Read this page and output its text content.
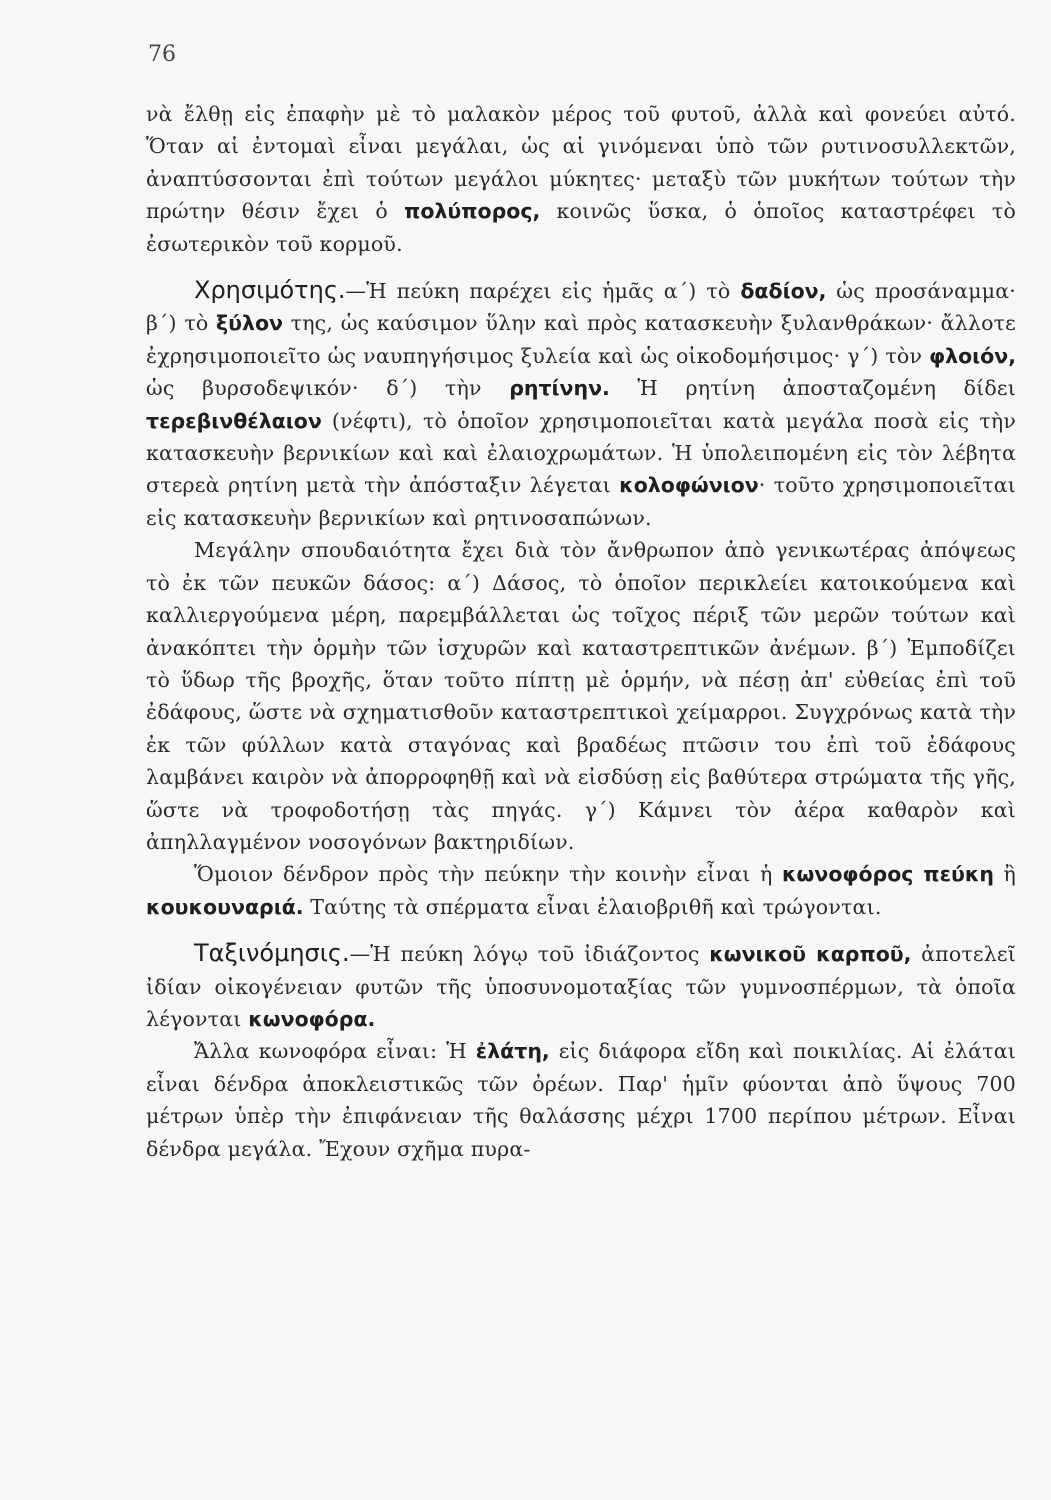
76

νὰ ἔλθῃ εἰς ἐπαφὴν μὲ τὸ μαλακὸν μέρος τοῦ φυτοῦ, ἀλλὰ καὶ φονεύει αὐτό. Ὅταν αἱ ἐντομαὶ εἶναι μεγάλαι, ὡς αἱ γινόμεναι ὑπὸ τῶν ρυτινοσυλλεκτῶν, ἀναπτύσσονται ἐπὶ τούτων μεγάλοι μύκητες· μεταξὺ τῶν μυκήτων τούτων τὴν πρώτην θέσιν ἔχει ὁ πολύπορος, κοινῶς ὕσκα, ὁ ὁποῖος καταστρέφει τὸ ἐσωτερικὸν τοῦ κορμοῦ.

Χρησιμότης.—Ἡ πεύκη παρέχει εἰς ἡμᾶς α΄) τὸ δαδίον, ὡς προσάναμμα· β΄) τὸ ξύλον της, ὡς καύσιμον ὕλην καὶ πρὸς κατασκευὴν ξυλανθράκων· ἄλλοτε ἐχρησιμοποιεῖτο ὡς ναυπηγήσιμος ξυλεία καὶ ὡς οἰκοδομήσιμος· γ΄) τὸν φλοιόν, ὡς βυρσοδεψικόν· δ΄) τὴν ρητίνην. Ἡ ρητίνη ἀποσταζομένη δίδει τερεβινθέλαιον (νέφτι), τὸ ὁποῖον χρησιμοποιεῖται κατὰ μεγάλα ποσὰ εἰς τὴν κατασκευὴν βερνικίων καὶ καὶ ἐλαιοχρωμάτων. Ἡ ὑπολειπομένη εἰς τὸν λέβητα στερεὰ ρητίνη μετὰ τὴν ἀπόσταξιν λέγεται κολοφώνιον· τοῦτο χρησιμοποιεῖται εἰς κατασκευὴν βερνικίων καὶ ρητινοσαπώνων.

Μεγάλην σπουδαιότητα ἔχει διὰ τὸν ἄνθρωπον ἀπὸ γενικωτέρας ἀπόψεως τὸ ἐκ τῶν πευκῶν δάσος: α΄) Δάσος, τὸ ὁποῖον περικλείει κατοικούμενα καὶ καλλιεργούμενα μέρη, παρεμβάλλεται ὡς τοῖχος πέριξ τῶν μερῶν τούτων καὶ ἀνακόπτει τὴν ὁρμὴν τῶν ἰσχυρῶν καὶ καταστρεπτικῶν ἀνέμων. β΄) Ἐμποδίζει τὸ ὕδωρ τῆς βροχῆς, ὅταν τοῦτο πίπτῃ μὲ ὁρμήν, νὰ πέσῃ ἀπ' εὐθείας ἐπὶ τοῦ ἐδάφους, ὥστε νὰ σχηματισθοῦν καταστρεπτικοὶ χείμαρροι. Συγχρόνως κατὰ τὴν ἐκ τῶν φύλλων κατὰ σταγόνας καὶ βραδέως πτῶσιν του ἐπὶ τοῦ ἐδάφους λαμβάνει καιρὸν νὰ ἀπορροφηθῇ καὶ νὰ εἰσδύσῃ εἰς βαθύτερα στρώματα τῆς γῆς, ὥστε νὰ τροφοδοτήσῃ τὰς πηγάς. γ΄) Κάμνει τὸν ἀέρα καθαρὸν καὶ ἀπηλλαγμένον νοσογόνων βακτηριδίων.

Ὅμοιον δένδρον πρὸς τὴν πεύκην τὴν κοινὴν εἶναι ἡ κωνοφόρος πεύκη ἢ κουκουναριά. Ταύτης τὰ σπέρματα εἶναι ἐλαιοβριθῆ καὶ τρώγονται.

Ταξινόμησις.—Ἡ πεύκη λόγῳ τοῦ ἰδιάζοντος κωνικοῦ καρποῦ, ἀποτελεῖ ἰδίαν οἰκογένειαν φυτῶν τῆς ὑποσυνομοταξίας τῶν γυμνοσπέρμων, τὰ ὁποῖα λέγονται κωνοφόρα.

Ἄλλα κωνοφόρα εἶναι: Ἡ ἐλάτη, εἰς διάφορα εἴδη καὶ ποικιλίας. Αἱ ἐλάται εἶναι δένδρα ἀποκλειστικῶς τῶν ὀρέων. Παρ' ἡμῖν φύονται ἀπὸ ὕψους 700 μέτρων ὑπὲρ τὴν ἐπιφάνειαν τῆς θαλάσσης μέχρι 1700 περίπου μέτρων. Εἶναι δένδρα μεγάλα. Ἔχουν σχῆμα πυρα-
